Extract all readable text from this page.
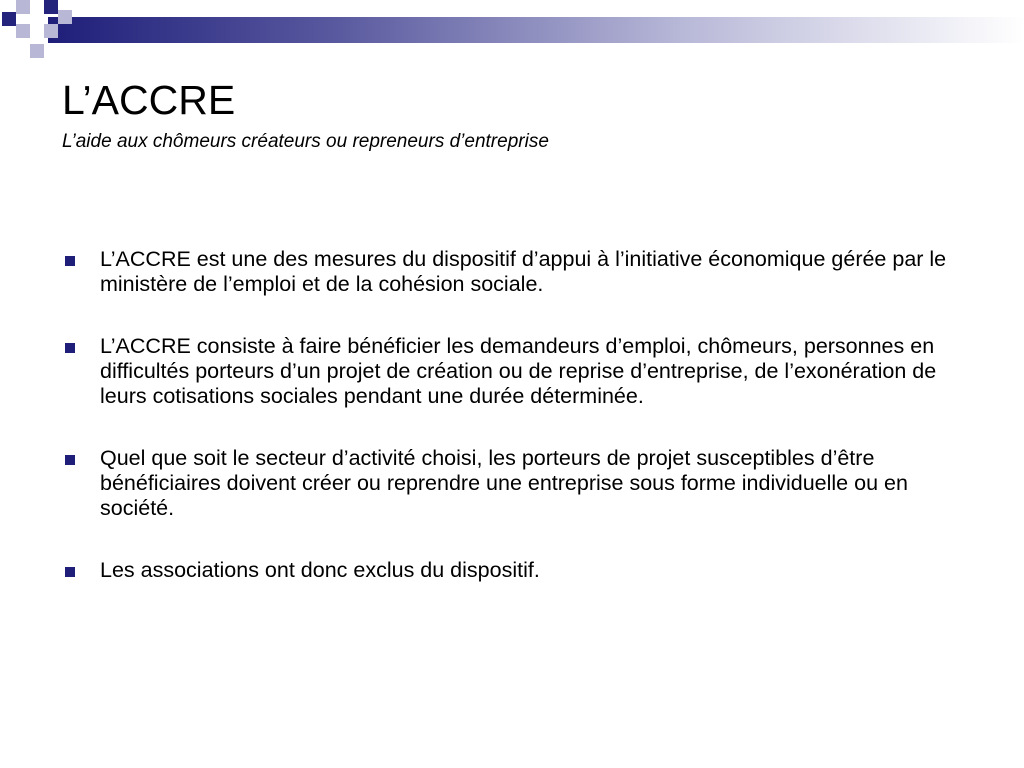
L’ACCRE
L’aide aux chômeurs créateurs ou repreneurs d’entreprise
L’ACCRE est une des mesures du dispositif d’appui à l’initiative économique gérée par le ministère de l’emploi et de la cohésion sociale.
L’ACCRE consiste à faire bénéficier les demandeurs d’emploi, chômeurs, personnes en difficultés porteurs d’un projet de création ou de reprise d’entreprise, de l’exonération de leurs cotisations sociales pendant une durée déterminée.
Quel que soit le secteur d’activité choisi, les porteurs de projet susceptibles d’être bénéficiaires doivent créer ou reprendre une entreprise sous forme individuelle ou en société.
Les associations ont donc exclus du dispositif.
